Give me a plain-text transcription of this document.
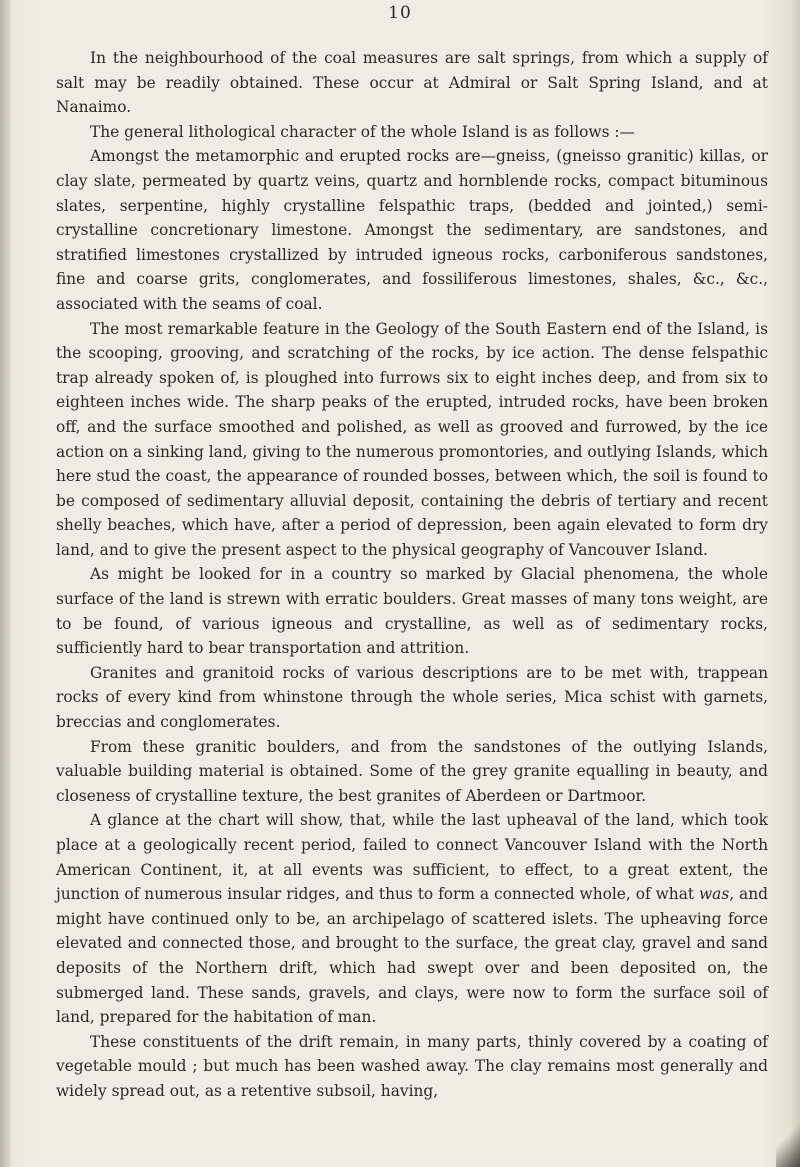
10

In the neighbourhood of the coal measures are salt springs, from which a supply of salt may be readily obtained. These occur at Admiral or Salt Spring Island, and at Nanaimo.

The general lithological character of the whole Island is as follows :—

Amongst the metamorphic and erupted rocks are—gneiss, (gneisso granitic) killas, or clay slate, permeated by quartz veins, quartz and hornblende rocks, compact bituminous slates, serpentine, highly crystalline felspathic traps, (bedded and jointed,) semi-crystalline concretionary limestone. Amongst the sedimentary, are sandstones, and stratified limestones crystallized by intruded igneous rocks, carboniferous sandstones, fine and coarse grits, conglomerates, and fossiliferous limestones, shales, &c., &c., associated with the seams of coal.

The most remarkable feature in the Geology of the South Eastern end of the Island, is the scooping, grooving, and scratching of the rocks, by ice action. The dense felspathic trap already spoken of, is ploughed into furrows six to eight inches deep, and from six to eighteen inches wide. The sharp peaks of the erupted, intruded rocks, have been broken off, and the surface smoothed and polished, as well as grooved and furrowed, by the ice action on a sinking land, giving to the numerous promontories, and outlying Islands, which here stud the coast, the appearance of rounded bosses, between which, the soil is found to be composed of sedimentary alluvial deposit, containing the debris of tertiary and recent shelly beaches, which have, after a period of depression, been again elevated to form dry land, and to give the present aspect to the physical geography of Vancouver Island.

As might be looked for in a country so marked by Glacial phenomena, the whole surface of the land is strewn with erratic boulders. Great masses of many tons weight, are to be found, of various igneous and crystalline, as well as of sedimentary rocks, sufficiently hard to bear transportation and attrition.

Granites and granitoid rocks of various descriptions are to be met with, trappean rocks of every kind from whinstone through the whole series, Mica schist with garnets, breccias and conglomerates.

From these granitic boulders, and from the sandstones of the outlying Islands, valuable building material is obtained. Some of the grey granite equalling in beauty, and closeness of crystalline texture, the best granites of Aberdeen or Dartmoor.

A glance at the chart will show, that, while the last upheaval of the land, which took place at a geologically recent period, failed to connect Vancouver Island with the North American Continent, it, at all events was sufficient, to effect, to a great extent, the junction of numerous insular ridges, and thus to form a connected whole, of what was, and might have continued only to be, an archipelago of scattered islets. The upheaving force elevated and connected those, and brought to the surface, the great clay, gravel and sand deposits of the Northern drift, which had swept over and been deposited on, the submerged land. These sands, gravels, and clays, were now to form the surface soil of land, prepared for the habitation of man.

These constituents of the drift remain, in many parts, thinly covered by a coating of vegetable mould ; but much has been washed away. The clay remains most generally and widely spread out, as a retentive subsoil, having,
